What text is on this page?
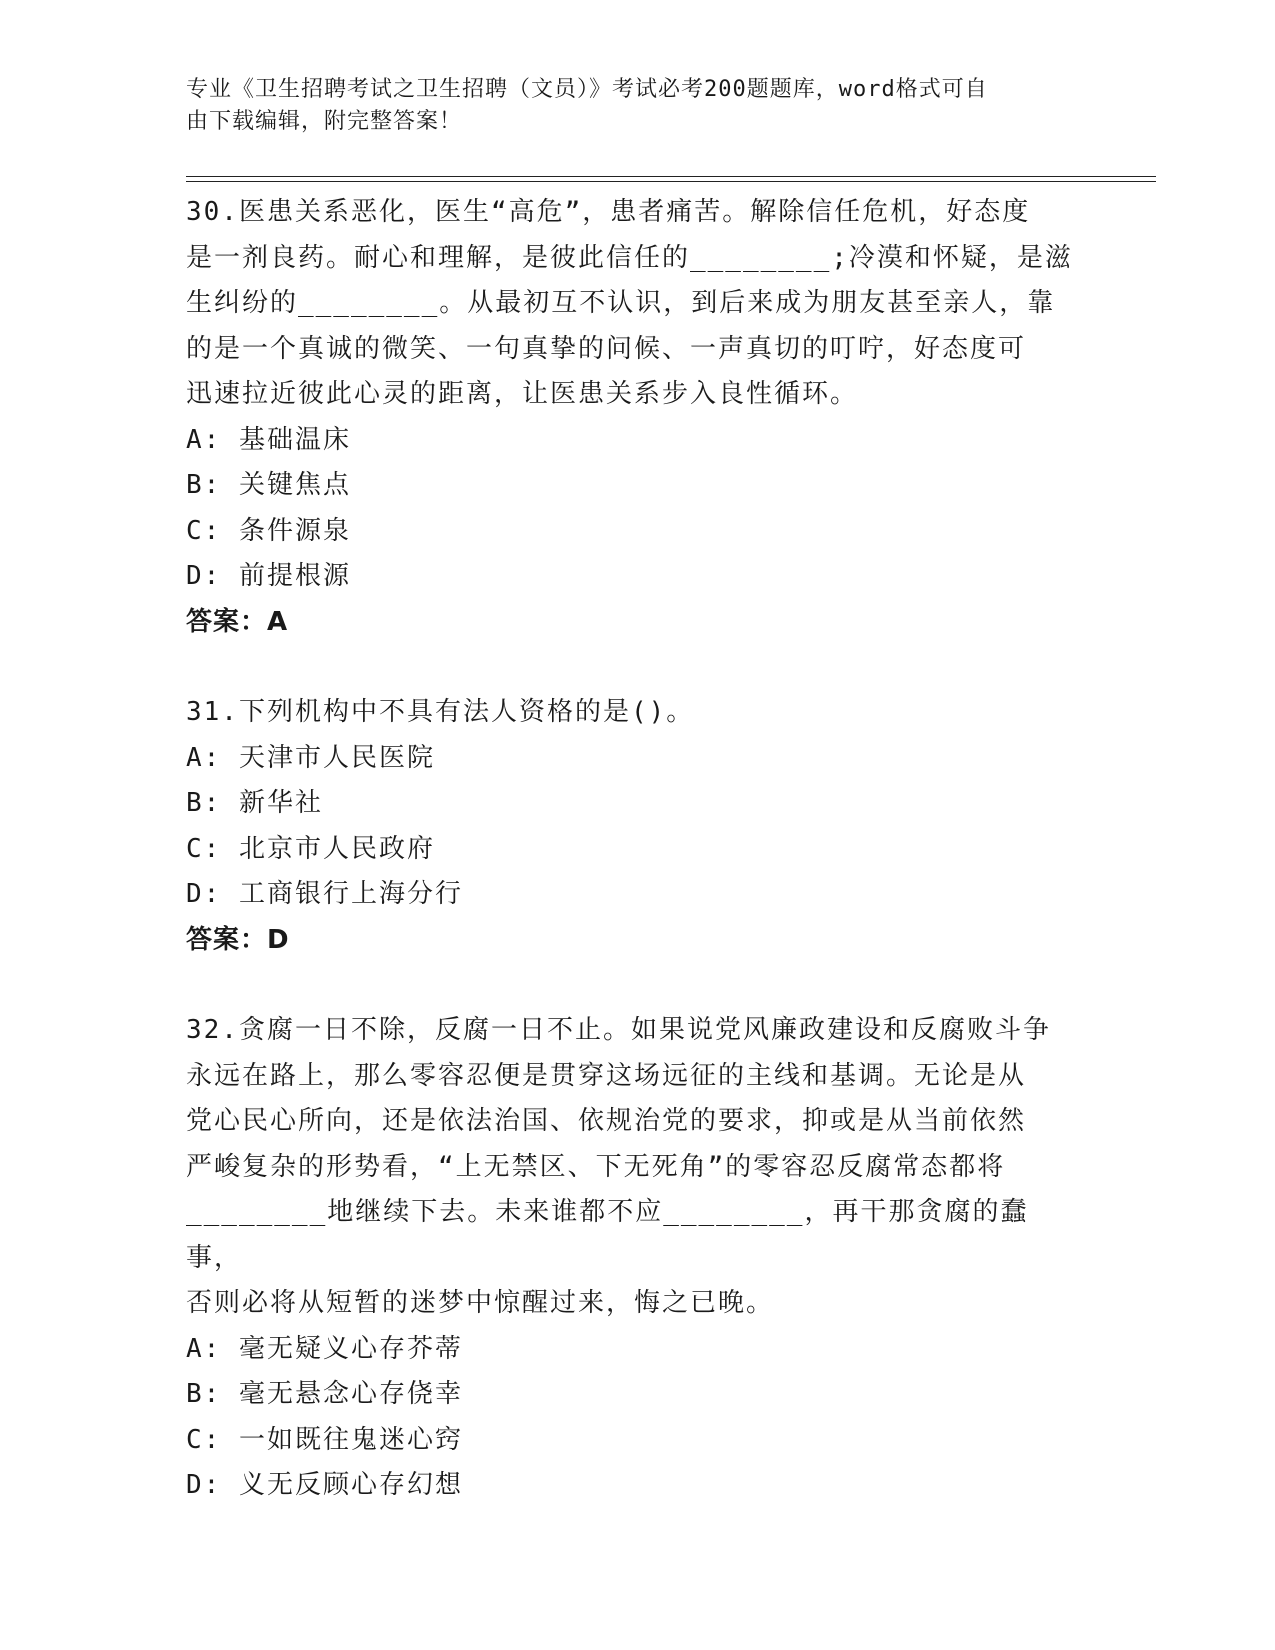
专业《卫生招聘考试之卫生招聘（文员）》考试必考200题题库，word格式可自
由下载编辑，附完整答案！
30.医患关系恶化，医生“高危”，患者痛苦。解除信任危机，好态度
是一剂良药。耐心和理解，是彼此信任的________;冷漠和怀疑，是滋
生纠纷的________。从最初互不认识，到后来成为朋友甚至亲人，靠
的是一个真诚的微笑、一句真挚的问候、一声真切的叮咛，好态度可
迅速拉近彼此心灵的距离，让医患关系步入良性循环。
A: 基础温床
B: 关键焦点
C: 条件源泉
D: 前提根源
答案：A
31.下列机构中不具有法人资格的是()。
A: 天津市人民医院
B: 新华社
C: 北京市人民政府
D: 工商银行上海分行
答案：D
32.贪腐一日不除，反腐一日不止。如果说党风廉政建设和反腐败斗争
永远在路上，那么零容忍便是贯穿这场远征的主线和基调。无论是从
党心民心所向，还是依法治国、依规治党的要求，抑或是从当前依然
严峻复杂的形势看，“上无禁区、下无死角”的零容忍反腐常态都将
________地继续下去。未来谁都不应________，再干那贪腐的蠢事，
否则必将从短暂的迷梦中惊醒过来，悔之已晚。
A: 毫无疑义心存芥蒂
B: 毫无悬念心存侥幸
C: 一如既往鬼迷心窍
D: 义无反顾心存幻想
